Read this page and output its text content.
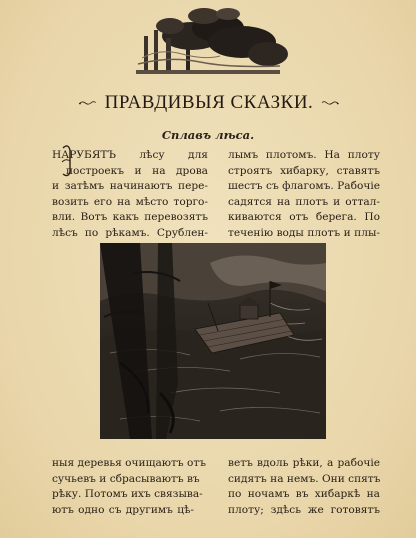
ПРАВДИВЫЯ СКАЗКИ.
Сплавъ лѣса.
НАРУБЯТЪ лѣсу для
построекъ и на дрова
и затѣмъ начинаютъ пере-
возить его на мѣсто торго-
вли. Вотъ какъ перевозятъ
лѣсъ по рѣкамъ. Срублен-
лымъ плотомъ. На плоту
строятъ хибарку, ставятъ
шестъ съ флагомъ. Рабочіе
садятся на плотъ и оттал-
киваются отъ берега. По
теченію воды плотъ и плы-
ныя деревья очищаютъ отъ
сучьевъ и сбрасываютъ въ
рѣку. Потомъ ихъ связыва-
ютъ одно съ другимъ цѣ-
ветъ вдоль рѣки, а рабочіе
сидятъ на немъ. Они спятъ
по ночамъ въ хибаркѣ на
плоту; здѣсь же готовятъ
